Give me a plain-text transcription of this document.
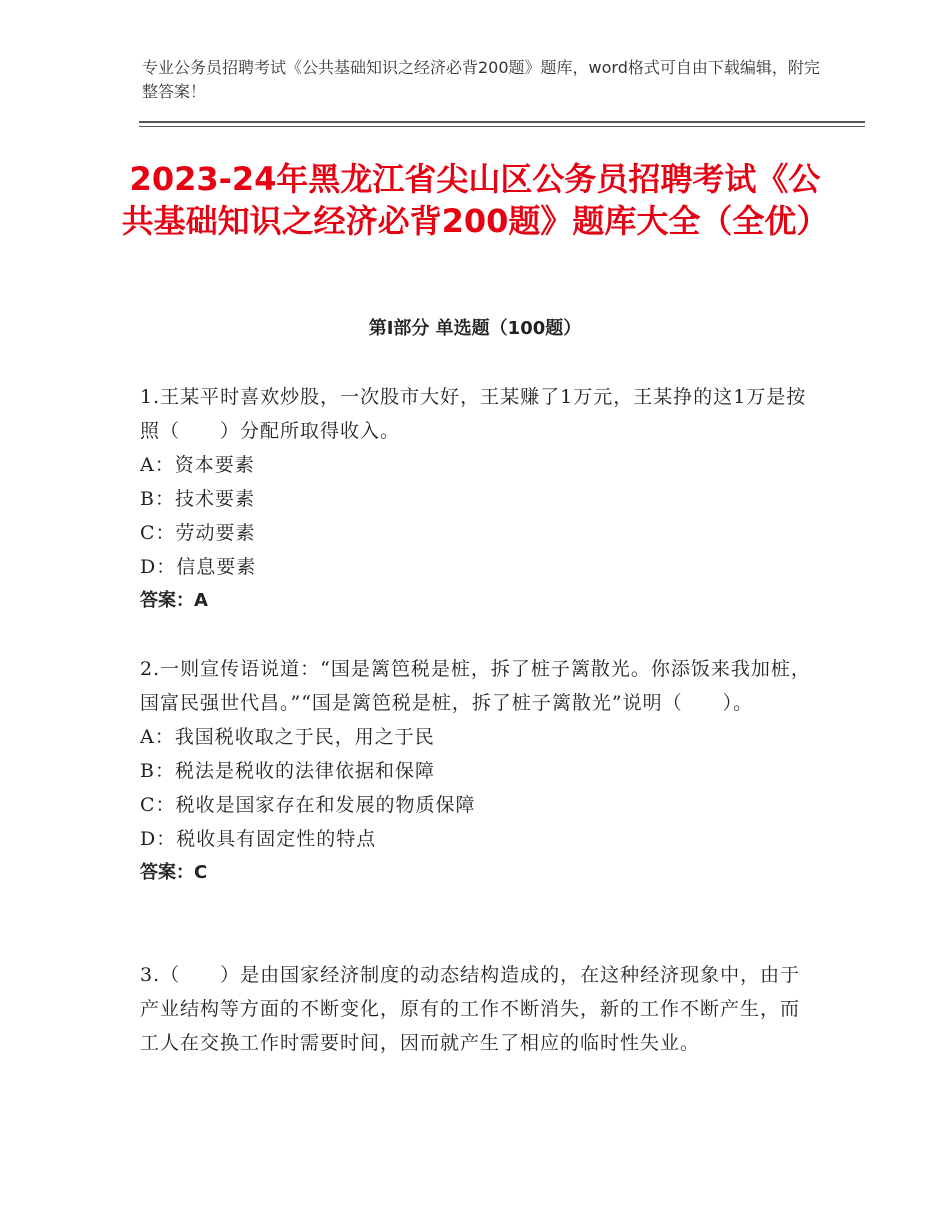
专业公务员招聘考试《公共基础知识之经济必背200题》题库，word格式可自由下载编辑，附完整答案！
2023-24年黑龙江省尖山区公务员招聘考试《公共基础知识之经济必背200题》题库大全（全优）
第Ⅰ部分 单选题（100题）
1.王某平时喜欢炒股，一次股市大好，王某赚了1万元，王某挣的这1万是按照（　　）分配所取得收入。
A：资本要素
B：技术要素
C：劳动要素
D：信息要素
答案：A
2.一则宣传语说道：“国是篱笆税是桩，拆了桩子篱散光。你添饭来我加桩，国富民强世代昌。”“国是篱笆税是桩，拆了桩子篱散光”说明（　　）。
A：我国税收取之于民，用之于民
B：税法是税收的法律依据和保障
C：税收是国家存在和发展的物质保障
D：税收具有固定性的特点
答案：C
3.（　　）是由国家经济制度的动态结构造成的，在这种经济现象中，由于产业结构等方面的不断变化，原有的工作不断消失，新的工作不断产生，而工人在交换工作时需要时间，因而就产生了相应的临时性失业。
